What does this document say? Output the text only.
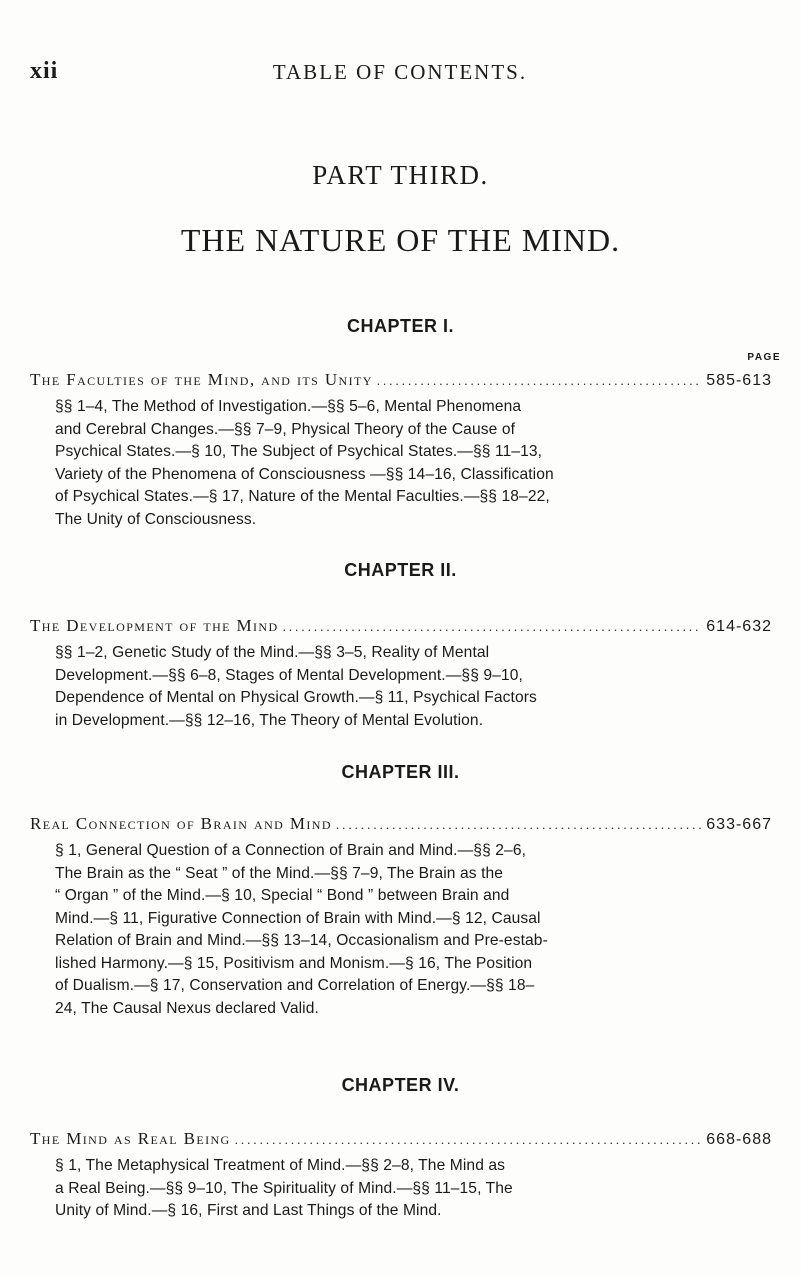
xii	TABLE OF CONTENTS.
PART THIRD.
THE NATURE OF THE MIND.
CHAPTER I.
PAGE
The Faculties of the Mind, and its Unity .....	585-613
§§ 1–4, The Method of Investigation.—§§ 5–6, Mental Phenomena
and Cerebral Changes.—§§ 7–9, Physical Theory of the Cause of
Psychical States.—§ 10, The Subject of Psychical States.—§§ 11–13,
Variety of the Phenomena of Consciousness —§§ 14–16, Classification
of Psychical States.—§ 17, Nature of the Mental Faculties.—§§ 18–22,
The Unity of Consciousness.
CHAPTER II.
The Development of the Mind .....	614-632
§§ 1–2, Genetic Study of the Mind.—§§ 3–5, Reality of Mental
Development.—§§ 6–8, Stages of Mental Development.—§§ 9–10,
Dependence of Mental on Physical Growth.—§ 11, Psychical Factors
in Development.—§§ 12–16, The Theory of Mental Evolution.
CHAPTER III.
Real Connection of Brain and Mind .....	633-667
§ 1, General Question of a Connection of Brain and Mind.—§§ 2–6,
The Brain as the “ Seat ” of the Mind.—§§ 7–9, The Brain as the
“ Organ ” of the Mind.—§ 10, Special “ Bond ” between Brain and
Mind.—§ 11, Figurative Connection of Brain with Mind.—§ 12, Causal
Relation of Brain and Mind.—§§ 13–14, Occasionalism and Pre-estab-
lished Harmony.—§ 15, Positivism and Monism.—§ 16, The Position
of Dualism.—§ 17, Conservation and Correlation of Energy.—§§ 18–
24, The Causal Nexus declared Valid.
CHAPTER IV.
The Mind as Real Being .....	668-688
§ 1, The Metaphysical Treatment of Mind.—§§ 2–8, The Mind as
a Real Being.—§§ 9–10, The Spirituality of Mind.—§§ 11–15, The
Unity of Mind.—§ 16, First and Last Things of the Mind.
